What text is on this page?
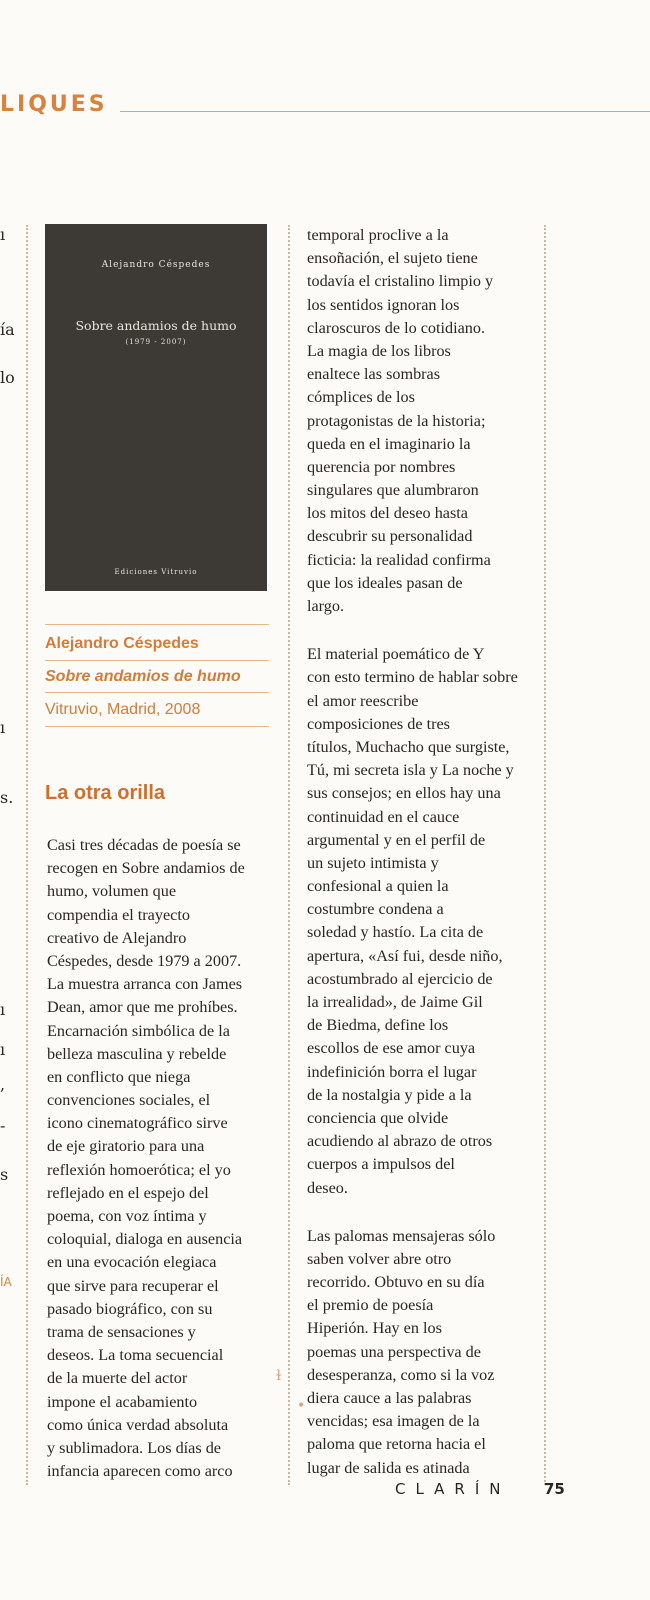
LIQUES
ı
ía
lo
ı
s.
ı
ı
,
-
s
ÍA
Alejandro Céspedes
Sobre andamios de humo
(1979 - 2007)
Ediciones Vitruvio
Alejandro Céspedes
Sobre andamios de humo
Vitruvio, Madrid, 2008
La otra orilla
Casi tres décadas de poesía se
recogen en Sobre andamios de
humo, volumen que
compendia el trayecto
creativo de Alejandro
Céspedes, desde 1979 a 2007.
La muestra arranca con James
Dean, amor que me prohíbes.
Encarnación simbólica de la
belleza masculina y rebelde
en conflicto que niega
convenciones sociales, el
icono cinematográfico sirve
de eje giratorio para una
reflexión homoerótica; el yo
reflejado en el espejo del
poema, con voz íntima y
coloquial, dialoga en ausencia
en una evocación elegiaca
que sirve para recuperar el
pasado biográfico, con su
trama de sensaciones y
deseos. La toma secuencial
de la muerte del actor
impone el acabamiento
como única verdad absoluta
y sublimadora. Los días de
infancia aparecen como arco
temporal proclive a la
ensoñación, el sujeto tiene
todavía el cristalino limpio y
los sentidos ignoran los
claroscuros de lo cotidiano.
La magia de los libros
enaltece las sombras
cómplices de los
protagonistas de la historia;
queda en el imaginario la
querencia por nombres
singulares que alumbraron
los mitos del deseo hasta
descubrir su personalidad
ficticia: la realidad confirma
que los ideales pasan de
largo.
El material poemático de Y
con esto termino de hablar sobre
el amor reescribe
composiciones de tres
títulos, Muchacho que surgiste,
Tú, mi secreta isla y La noche y
sus consejos; en ellos hay una
continuidad en el cauce
argumental y en el perfil de
un sujeto intimista y
confesional a quien la
costumbre condena a
soledad y hastío. La cita de
apertura, «Así fui, desde niño,
acostumbrado al ejercicio de
la irrealidad», de Jaime Gil
de Biedma, define los
escollos de ese amor cuya
indefinición borra el lugar
de la nostalgia y pide a la
conciencia que olvide
acudiendo al abrazo de otros
cuerpos a impulsos del
deseo.
Las palomas mensajeras sólo
saben volver abre otro
recorrido. Obtuvo en su día
el premio de poesía
Hiperión. Hay en los
poemas una perspectiva de
desesperanza, como si la voz
diera cauce a las palabras
vencidas; esa imagen de la
paloma que retorna hacia el
lugar de salida es atinada
ɫ
•
CLARÍN 75
